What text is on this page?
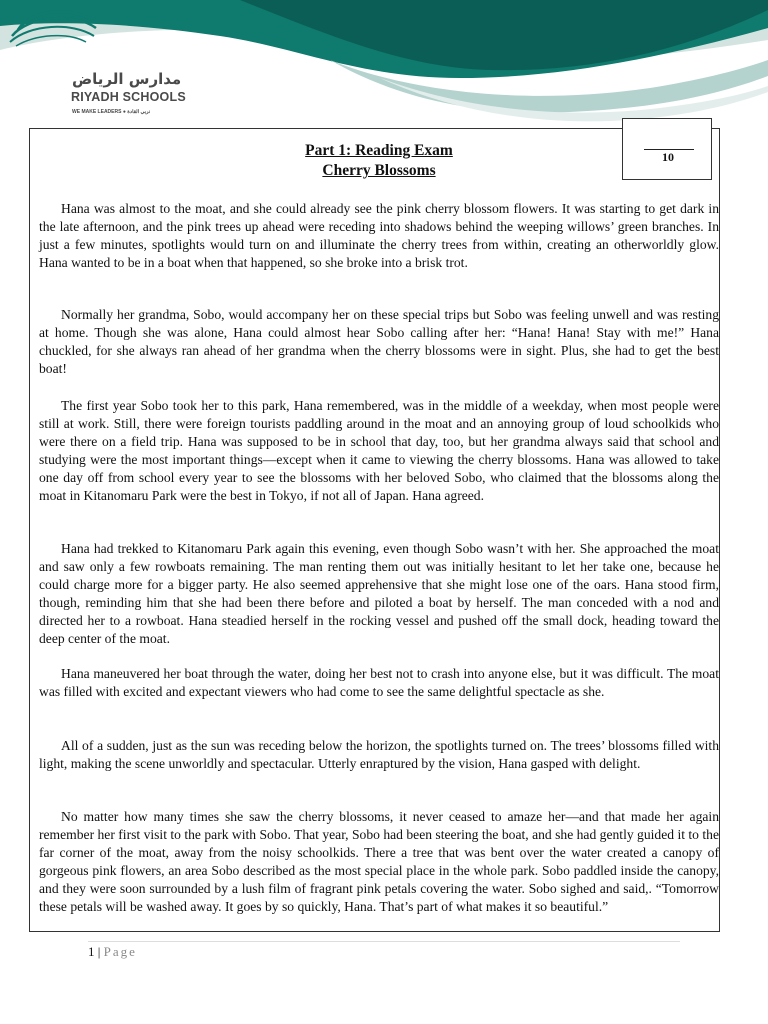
مدارس الرياض
RIYADH SCHOOLS
WE MAKE LEADERS ● نربي القادة
10
Part 1: Reading Exam
Cherry Blossoms

Hana was almost to the moat, and she could already see the pink cherry blossom flowers. It was starting to get dark in the late afternoon, and the pink trees up ahead were receding into shadows behind the weeping willows’ green branches. In just a few minutes, spotlights would turn on and illuminate the cherry trees from within, creating an otherworldly glow. Hana wanted to be in a boat when that happened, so she broke into a brisk trot.

Normally her grandma, Sobo, would accompany her on these special trips but Sobo was feeling unwell and was resting at home. Though she was alone, Hana could almost hear Sobo calling after her: “Hana! Hana! Stay with me!” Hana chuckled, for she always ran ahead of her grandma when the cherry blossoms were in sight. Plus, she had to get the best boat!

The first year Sobo took her to this park, Hana remembered, was in the middle of a weekday, when most people were still at work. Still, there were foreign tourists paddling around in the moat and an annoying group of loud schoolkids who were there on a field trip. Hana was supposed to be in school that day, too, but her grandma always said that school and studying were the most important things—except when it came to viewing the cherry blossoms. Hana was allowed to take one day off from school every year to see the blossoms with her beloved Sobo, who claimed that the blossoms along the moat in Kitanomaru Park were the best in Tokyo, if not all of Japan. Hana agreed.

Hana had trekked to Kitanomaru Park again this evening, even though Sobo wasn’t with her. She approached the moat and saw only a few rowboats remaining. The man renting them out was initially hesitant to let her take one, because he could charge more for a bigger party. He also seemed apprehensive that she might lose one of the oars. Hana stood firm, though, reminding him that she had been there before and piloted a boat by herself. The man conceded with a nod and directed her to a rowboat. Hana steadied herself in the rocking vessel and pushed off the small dock, heading toward the deep center of the moat.

Hana maneuvered her boat through the water, doing her best not to crash into anyone else, but it was difficult. The moat was filled with excited and expectant viewers who had come to see the same delightful spectacle as she.

All of a sudden, just as the sun was receding below the horizon, the spotlights turned on. The trees’ blossoms filled with light, making the scene unworldly and spectacular. Utterly enraptured by the vision, Hana gasped with delight.

No matter how many times she saw the cherry blossoms, it never ceased to amaze her—and that made her again remember her first visit to the park with Sobo. That year, Sobo had been steering the boat, and she had gently guided it to the far corner of the moat, away from the noisy schoolkids. There a tree that was bent over the water created a canopy of gorgeous pink flowers, an area Sobo described as the most special place in the whole park. Sobo paddled inside the canopy, and they were soon surrounded by a lush film of fragrant pink petals covering the water. Sobo sighed and said,. “Tomorrow these petals will be washed away. It goes by so quickly, Hana. That’s part of what makes it so beautiful.”

1 | Page
